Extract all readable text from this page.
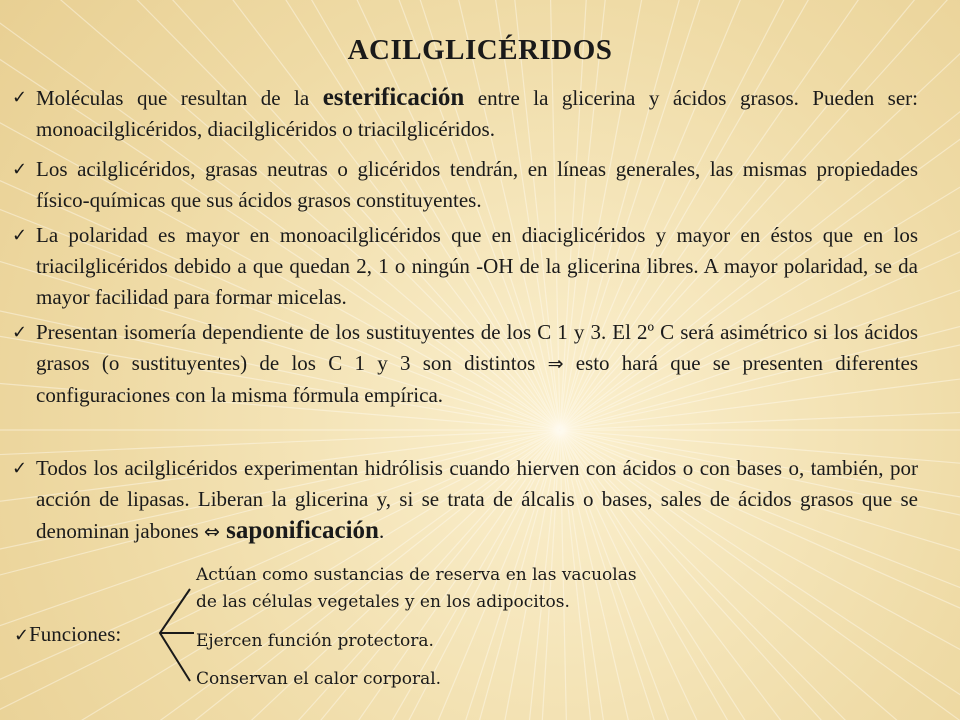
ACILGLICÉRIDOS
✓ Moléculas que resultan de la esterificación entre la glicerina y ácidos grasos. Pueden ser: monoacilglicéridos, diacilglicéridos o triacilglicéridos.
✓ Los acilglicéridos, grasas neutras o glicéridos tendrán, en líneas generales, las mismas propiedades físico-químicas que sus ácidos grasos constituyentes.
✓ La polaridad es mayor en monoacilglicéridos que en diaciglicéridos y mayor en éstos que en los triacilglicéridos debido a que quedan 2, 1 o ningún -OH de la glicerina libres. A mayor polaridad, se da mayor facilidad para formar micelas.
✓ Presentan isomería dependiente de los sustituyentes de los C 1 y 3. El 2º C será asimétrico si los ácidos grasos (o sustituyentes) de los C 1 y 3 son distintos ⇒ esto hará que se presenten diferentes configuraciones con la misma fórmula empírica.
✓ Todos los acilglicéridos experimentan hidrólisis cuando hierven con ácidos o con bases o, también, por acción de lipasas. Liberan la glicerina y, si se trata de álcalis o bases, sales de ácidos grasos que se denominan jabones ⇔ saponificación.
✓Funciones:
Actúan como sustancias de reserva en las vacuolas
de las células vegetales y en los adipocitos.
Ejercen función protectora.
Conservan el calor corporal.
